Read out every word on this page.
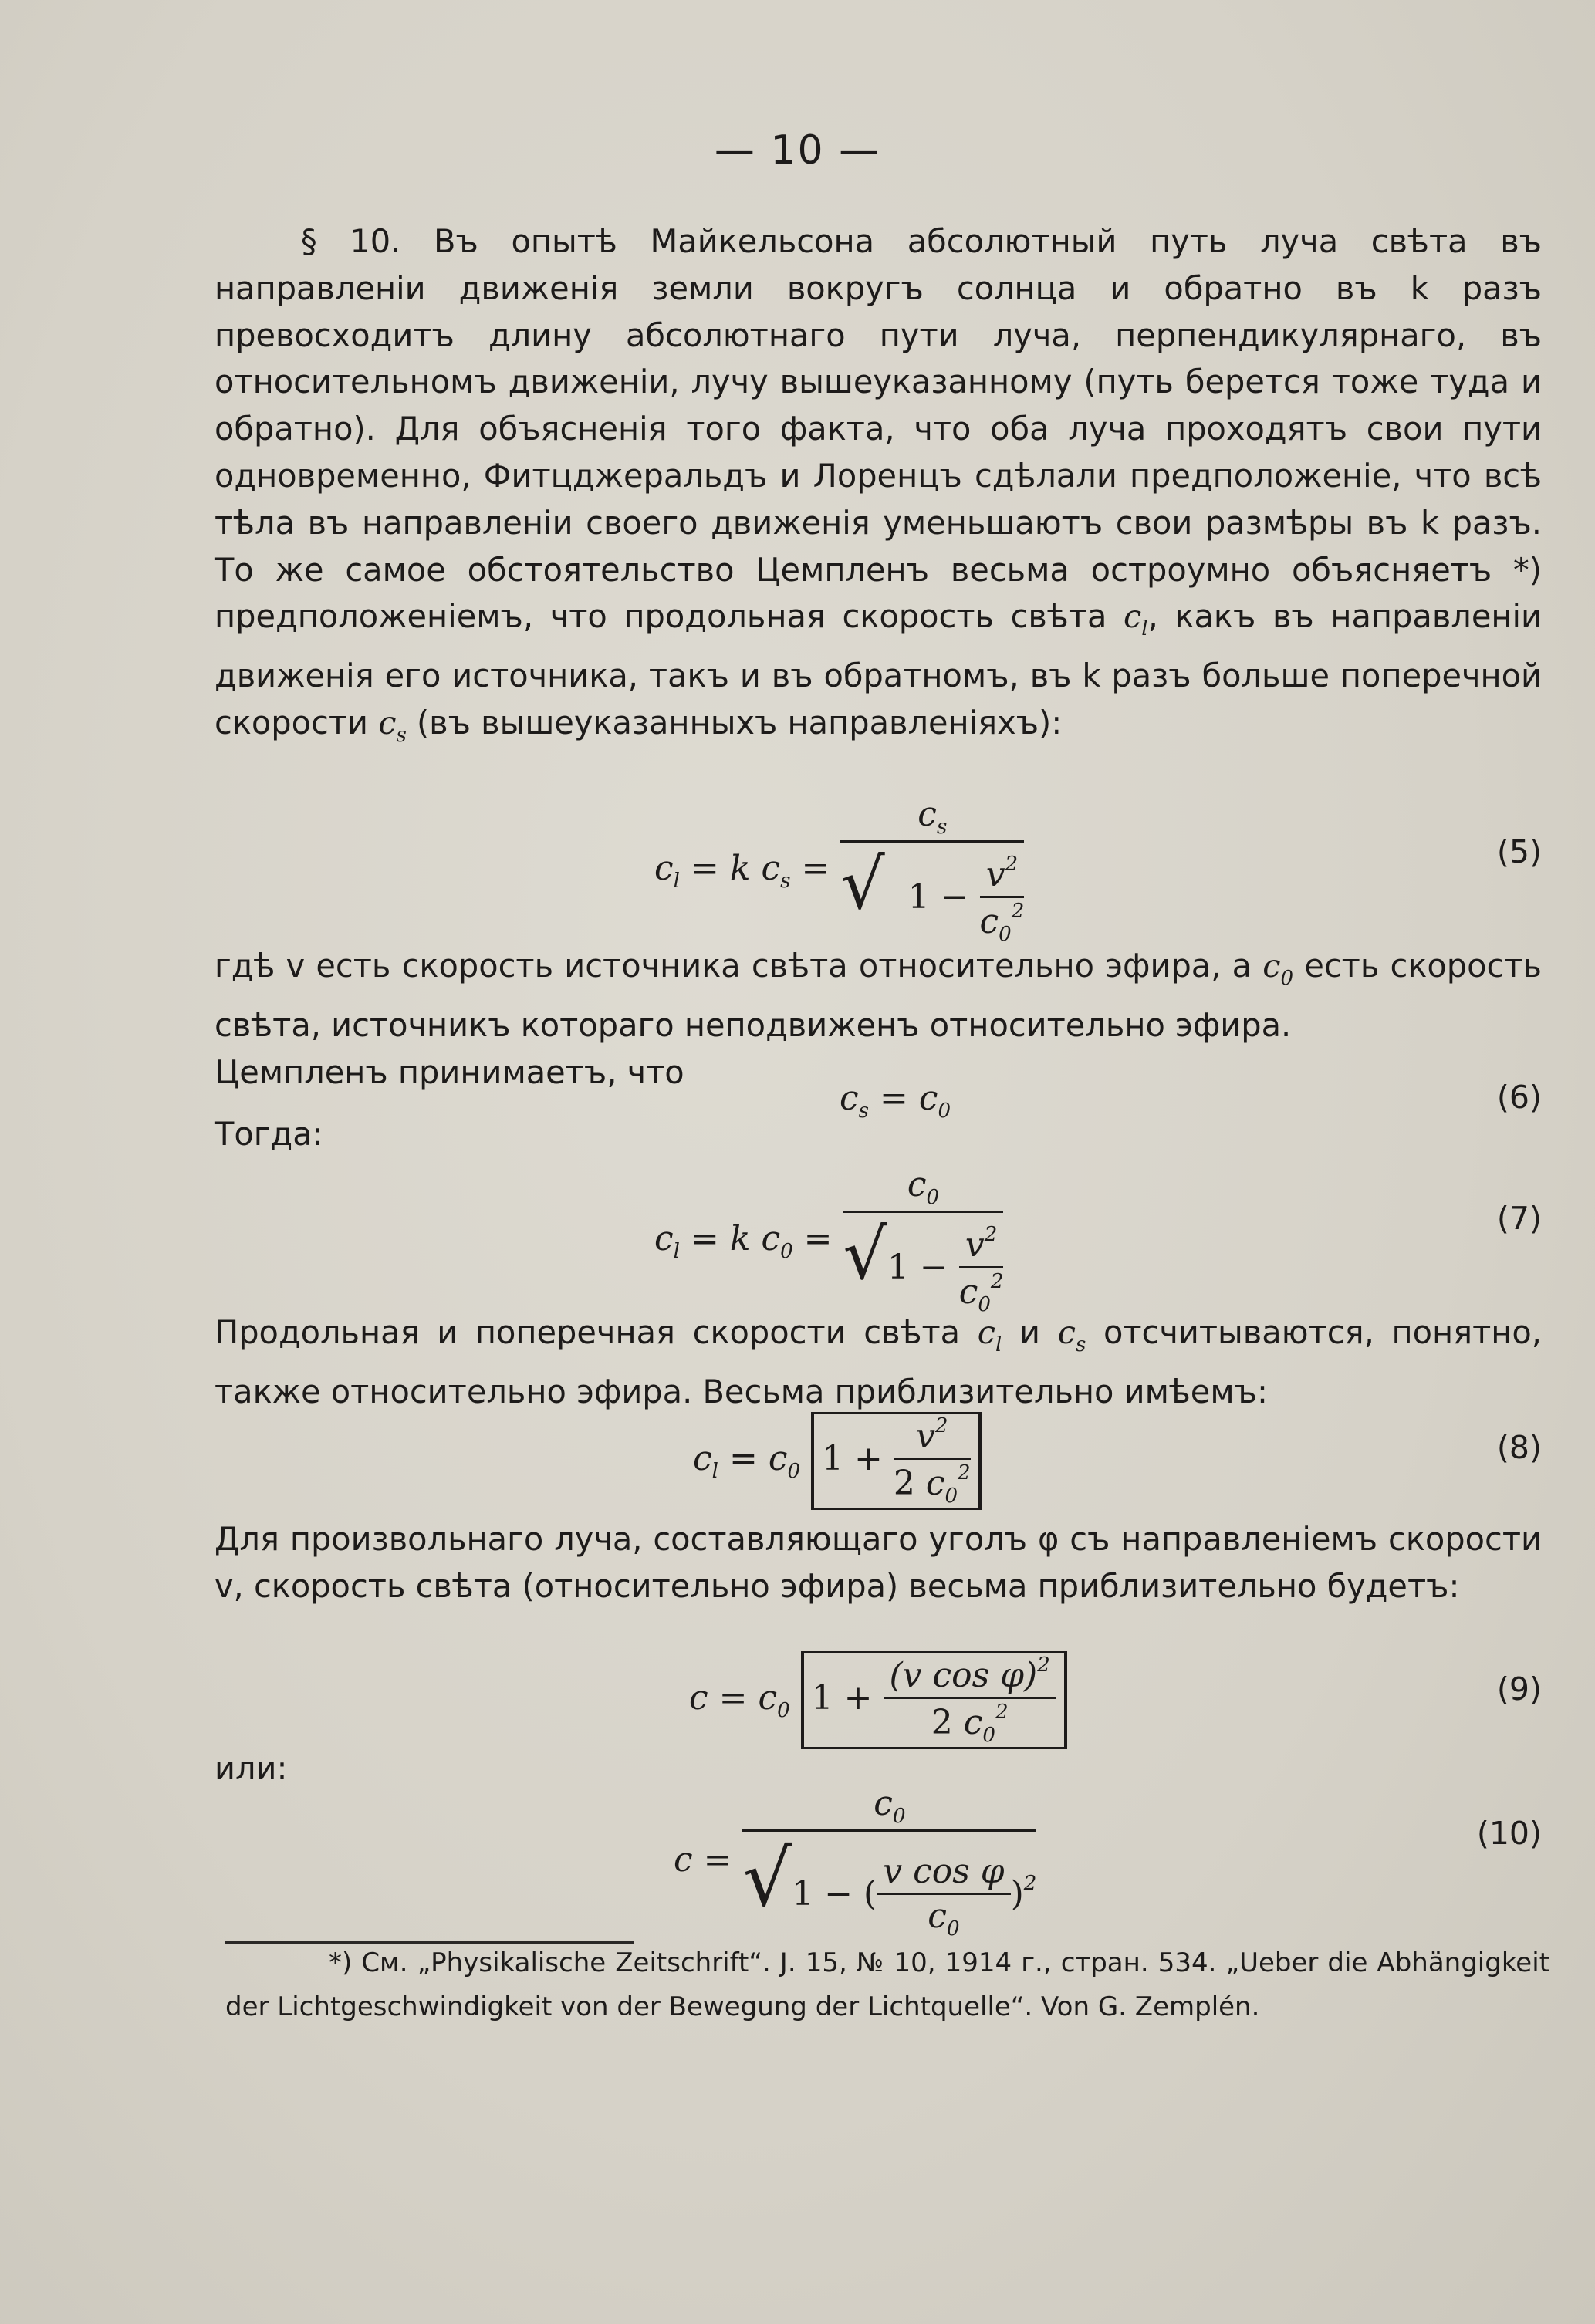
— 10 —

§ 10. Въ опытѣ Майкельсона абсолютный путь луча свѣта въ направленіи движенія земли вокругъ солнца и обратно въ k разъ превосходитъ длину абсолютнаго пути луча, перпендикулярнаго, въ относительномъ движеніи, лучу вышеуказанному (путь берется тоже туда и обратно). Для объясненія того факта, что оба луча проходятъ свои пути одновременно, Фитцджеральдъ и Лоренцъ сдѣлали предположеніе, что всѣ тѣла въ направленіи своего движенія уменьшаютъ свои размѣры въ k разъ. То же самое обстоятельство Цемпленъ весьма остроумно объясняетъ *) предположеніемъ, что продольная скорость свѣта $c_l$, какъ въ направленіи движенія его источника, такъ и въ обратномъ, въ k разъ больше поперечной скорости $c_s$ (въ вышеуказанныхъ направленіяхъ):

$c_l = k$ $c_s = c_s$
√
$1 - \frac{v^2}{c_0^2}$	(5)

гдѣ v есть скорость источника свѣта относительно эфира, а $c_0$ есть скорость свѣта, источникъ котораго неподвиженъ относительно эфира.
Цемпленъ принимаетъ, что

$c_s = c_0$	(6)

Тогда:

$c_l = k$ $c_0 = \frac{c_0}{√1 - \frac{v^2}{c_0^2}}$	(7)

Продольная и поперечная скорости свѣта $c_l$ и $c_s$ отсчитываются, понятно, также относительно эфира. Весьма приблизительно имѣемъ:

$c_l = c_0$ $1 + \frac{v^2}{2 c_0^2}$	(8)

Для произвольнаго луча, составляющаго уголъ φ съ направленіемъ скорости v, скорость свѣта (относительно эфира) весьма приблизительно будетъ:

$c = c_0$ $1 + \frac{(v \cos \varphi)^2}{2 c_0^2}$	(9)

или:

$c = \frac{c_0}{√1 - ( \frac{\text{v cos φ}}{c_0} )^2}$	(10)

*) См. „Physikalische Zeitschrift“. J. 15, № 10, 1914 г., стран. 534. „Ueber die Abhängigkeit der Lichtgeschwindigkeit von der Bewegung der Lichtquelle“. Von G. Zemplén.
